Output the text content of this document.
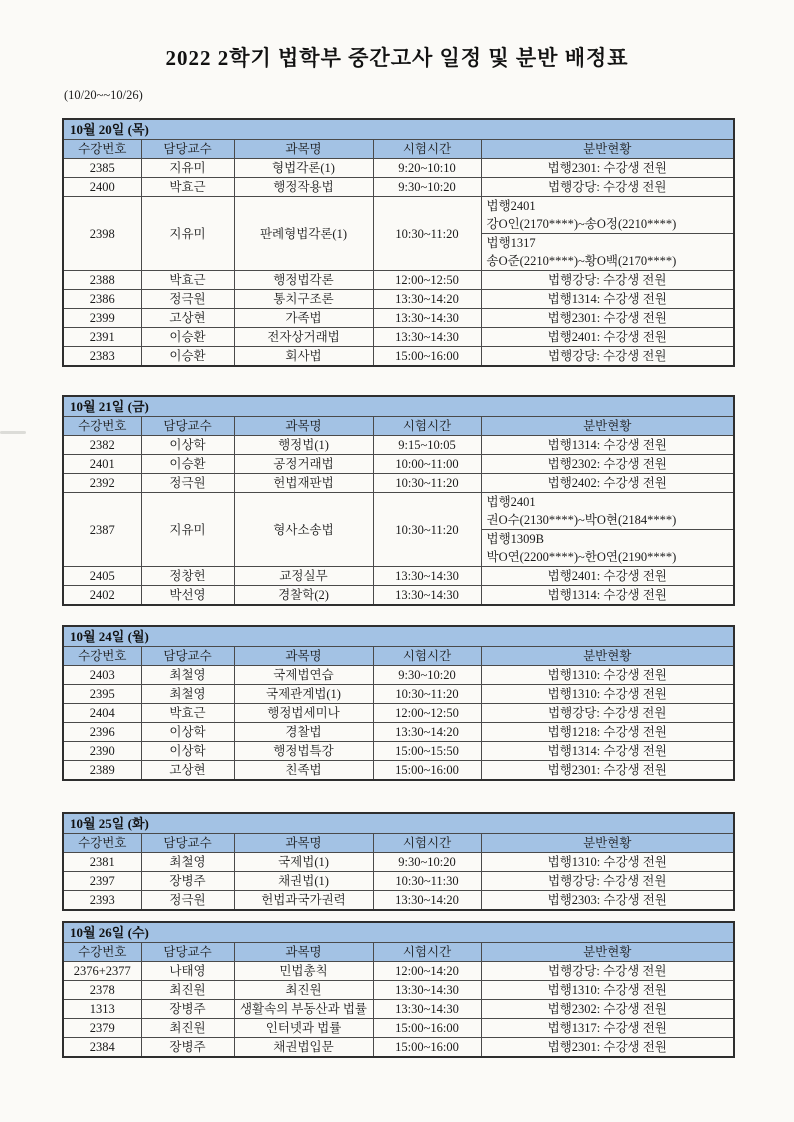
2022 2학기 법학부 중간고사 일정 및 분반 배정표
(10/20~~10/26)
10월 20일 (목)				
수강번호	담당교수	과목명	시험시간	분반현황
2385	지유미	형법각론(1)	9:20~10:10	법행2301: 수강생 전원
2400	박효근	행정작용법	9:30~10:20	법행강당: 수강생 전원
2398	지유미	판례형법각론(1)	10:30~11:20	법행2401
강O인(2170****)~송O정(2210****)
법행1317
송O준(2210****)~황O백(2170****)

2388	박효근	행정법각론	12:00~12:50	법행강당: 수강생 전원
2386	정극원	통치구조론	13:30~14:20	법행1314: 수강생 전원
2399	고상현	가족법	13:30~14:30	법행2301: 수강생 전원
2391	이승환	전자상거래법	13:30~14:30	법행2401: 수강생 전원
2383	이승환	회사법	15:00~16:00	법행강당: 수강생 전원
10월 21일 (금)				
수강번호	담당교수	과목명	시험시간	분반현황
2382	이상학	행정법(1)	9:15~10:05	법행1314: 수강생 전원
2401	이승환	공정거래법	10:00~11:00	법행2302: 수강생 전원
2392	정극원	헌법재판법	10:30~11:20	법행2402: 수강생 전원
2387	지유미	형사소송법	10:30~11:20	법행2401
권O수(2130****)~박O현(2184****)
법행1309B
박O연(2200****)~한O연(2190****)

2405	정창헌	교정실무	13:30~14:30	법행2401: 수강생 전원
2402	박선영	경찰학(2)	13:30~14:30	법행1314: 수강생 전원
10월 24일 (월)				
수강번호	담당교수	과목명	시험시간	분반현황
2403	최철영	국제법연습	9:30~10:20	법행1310: 수강생 전원
2395	최철영	국제관계법(1)	10:30~11:20	법행1310: 수강생 전원
2404	박효근	행정법세미나	12:00~12:50	법행강당: 수강생 전원
2396	이상학	경찰법	13:30~14:20	법행1218: 수강생 전원
2390	이상학	행정법특강	15:00~15:50	법행1314: 수강생 전원
2389	고상현	친족법	15:00~16:00	법행2301: 수강생 전원
10월 25일 (화)				
수강번호	담당교수	과목명	시험시간	분반현황
2381	최철영	국제법(1)	9:30~10:20	법행1310: 수강생 전원
2397	장병주	채권법(1)	10:30~11:30	법행강당: 수강생 전원
2393	정극원	헌법과국가권력	13:30~14:20	법행2303: 수강생 전원
10월 26일 (수)				
수강번호	담당교수	과목명	시험시간	분반현황
2376+2377	나태영	민법총칙	12:00~14:20	법행강당: 수강생 전원
2378	최진원	최진원	13:30~14:30	법행1310: 수강생 전원
1313	장병주	생활속의 부동산과 법률	13:30~14:30	법행2302: 수강생 전원
2379	최진원	인터넷과 법률	15:00~16:00	법행1317: 수강생 전원
2384	장병주	채권법입문	15:00~16:00	법행2301: 수강생 전원
